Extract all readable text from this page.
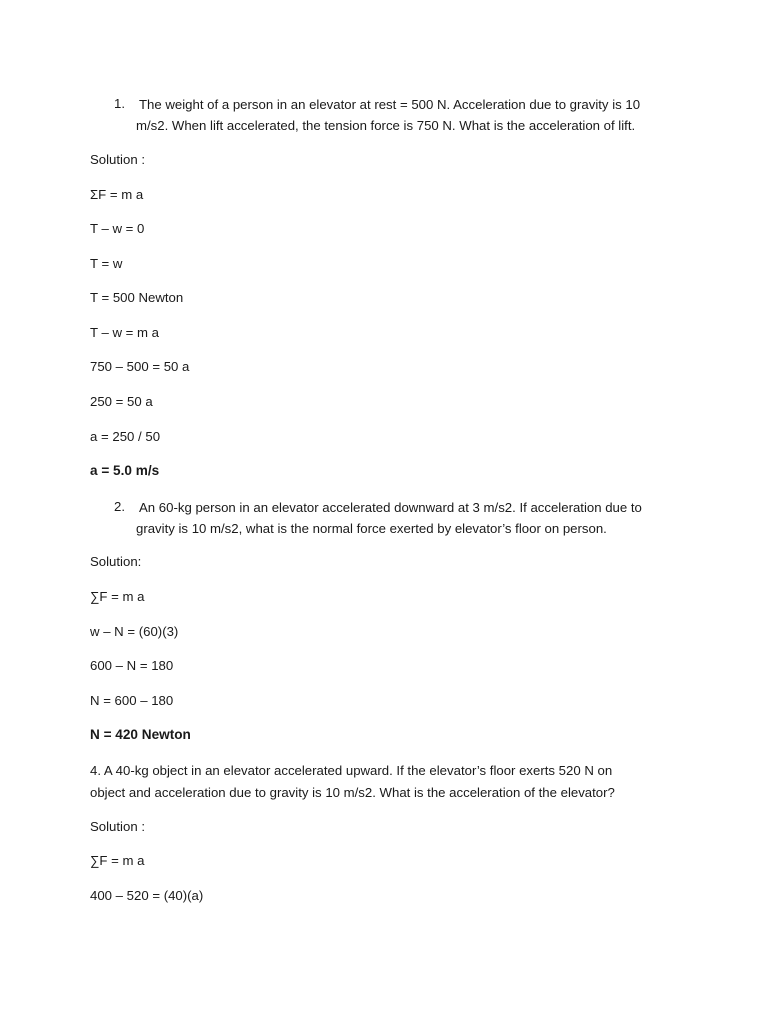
1. The weight of a person in an elevator at rest = 500 N. Acceleration due to gravity is 10
m/s2. When lift accelerated, the tension force is 750 N. What is the acceleration of lift.
Solution :
ΣF = m a
T – w = 0
T = w
T = 500 Newton
T – w = m a
750 – 500 = 50 a
250 = 50 a
a = 250 / 50
a = 5.0 m/s
2. An 60-kg person in an elevator accelerated downward at 3 m/s2. If acceleration due to
gravity is 10 m/s2, what is the normal force exerted by elevator’s floor on person.
Solution:
∑F = m a
w – N = (60)(3)
600 – N = 180
N = 600 – 180
N = 420 Newton
4. A 40-kg object in an elevator accelerated upward. If the elevator’s floor exerts 520 N on
object and acceleration due to gravity is 10 m/s2. What is the acceleration of the elevator?
Solution :
∑F = m a
400 – 520 = (40)(a)
